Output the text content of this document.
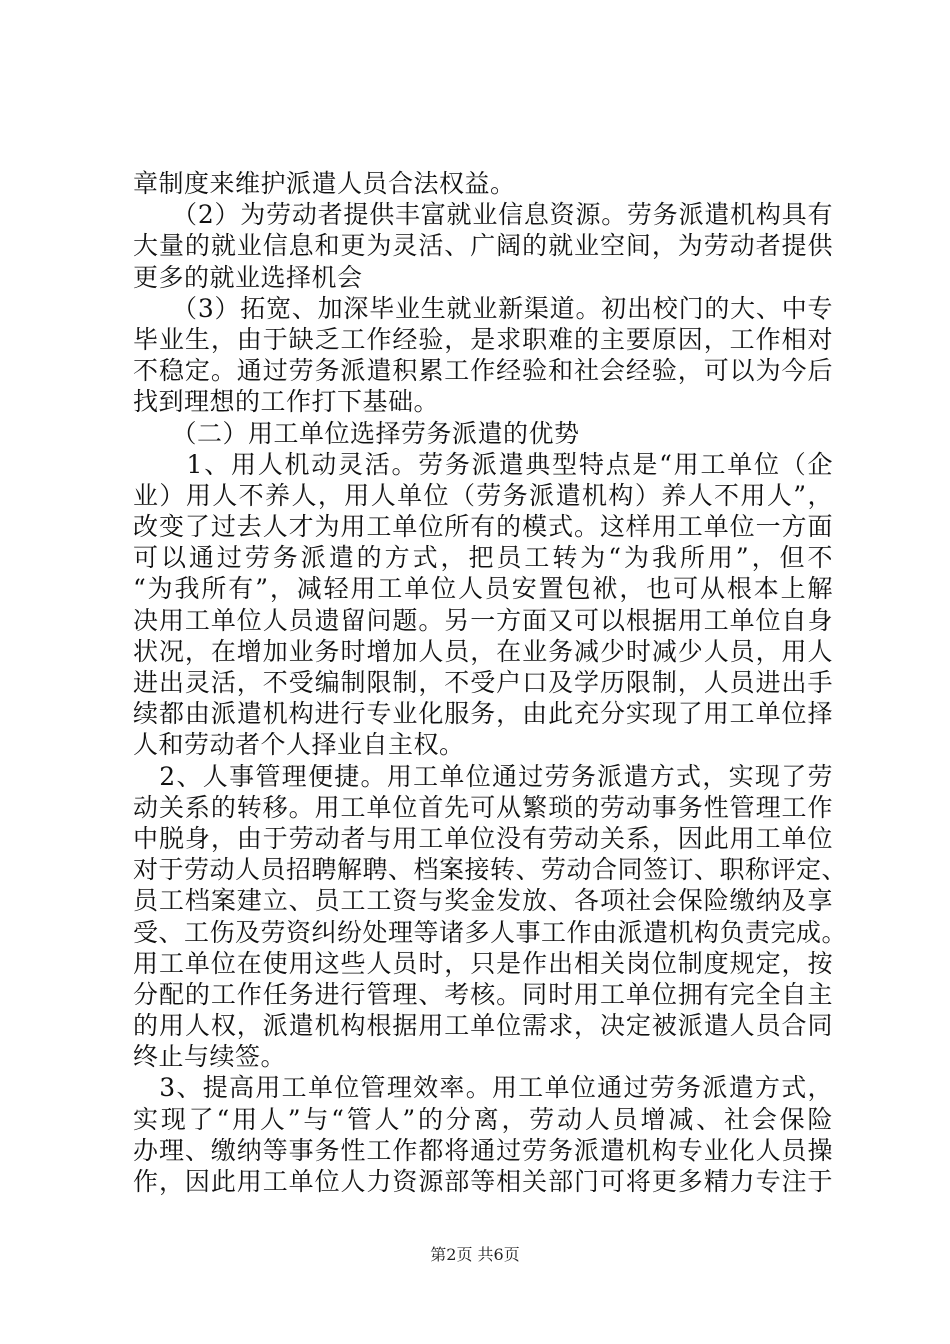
章制度来维护派遣人员合法权益。
　　（2）为劳动者提供丰富就业信息资源。劳务派遣机构具有
大量的就业信息和更为灵活、广阔的就业空间，为劳动者提供
更多的就业选择机会
　　（3）拓宽、加深毕业生就业新渠道。初出校门的大、中专
毕业生，由于缺乏工作经验，是求职难的主要原因，工作相对
不稳定。通过劳务派遣积累工作经验和社会经验，可以为今后
找到理想的工作打下基础。
　　（二）用工单位选择劳务派遣的优势
　　1、用人机动灵活。劳务派遣典型特点是“用工单位（企
业）用人不养人，用人单位（劳务派遣机构）养人不用人”，
改变了过去人才为用工单位所有的模式。这样用工单位一方面
可以通过劳务派遣的方式，把员工转为“为我所用”，但不
“为我所有”，减轻用工单位人员安置包袱，也可从根本上解
决用工单位人员遗留问题。另一方面又可以根据用工单位自身
状况，在增加业务时增加人员，在业务减少时减少人员，用人
进出灵活，不受编制限制，不受户口及学历限制，人员进出手
续都由派遣机构进行专业化服务，由此充分实现了用工单位择
人和劳动者个人择业自主权。
　2、人事管理便捷。用工单位通过劳务派遣方式，实现了劳
动关系的转移。用工单位首先可从繁琐的劳动事务性管理工作
中脱身，由于劳动者与用工单位没有劳动关系，因此用工单位
对于劳动人员招聘解聘、档案接转、劳动合同签订、职称评定、
员工档案建立、员工工资与奖金发放、各项社会保险缴纳及享
受、工伤及劳资纠纷处理等诸多人事工作由派遣机构负责完成。
用工单位在使用这些人员时，只是作出相关岗位制度规定，按
分配的工作任务进行管理、考核。同时用工单位拥有完全自主
的用人权，派遣机构根据用工单位需求，决定被派遣人员合同
终止与续签。
　3、提高用工单位管理效率。用工单位通过劳务派遣方式，
实现了“用人”与“管人”的分离，劳动人员增减、社会保险
办理、缴纳等事务性工作都将通过劳务派遣机构专业化人员操
作，因此用工单位人力资源部等相关部门可将更多精力专注于
第2页 共6页
